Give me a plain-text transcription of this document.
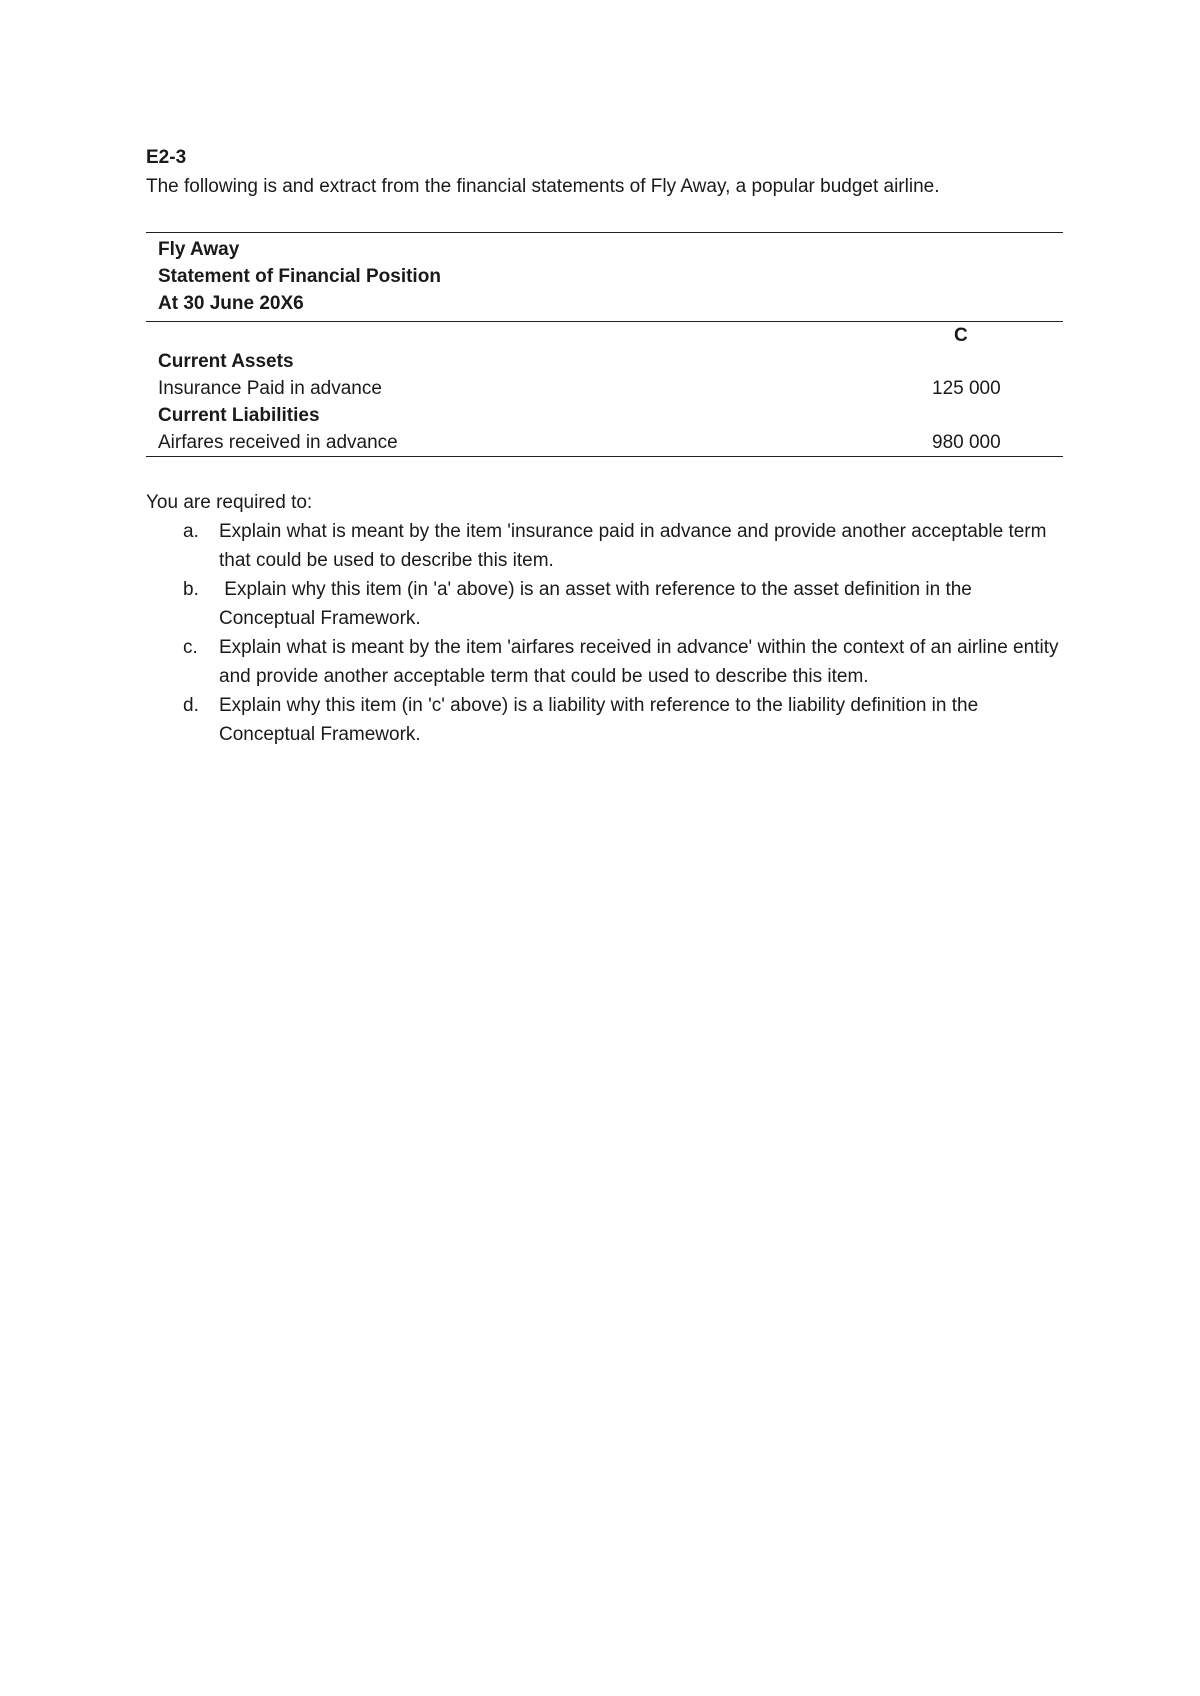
E2-3
The following is and extract from the financial statements of Fly Away, a popular budget airline.
Fly Away
Statement of Financial Position
At 30 June 20X6
C
Current Assets
Insurance Paid in advance	125 000
Current Liabilities
Airfares received in advance	980 000
You are required to:
a. Explain what is meant by the item 'insurance paid in advance and provide another acceptable term that could be used to describe this item.
b. Explain why this item (in 'a' above) is an asset with reference to the asset definition in the Conceptual Framework.
c. Explain what is meant by the item 'airfares received in advance' within the context of an airline entity and provide another acceptable term that could be used to describe this item.
d. Explain why this item (in 'c' above) is a liability with reference to the liability definition in the Conceptual Framework.
